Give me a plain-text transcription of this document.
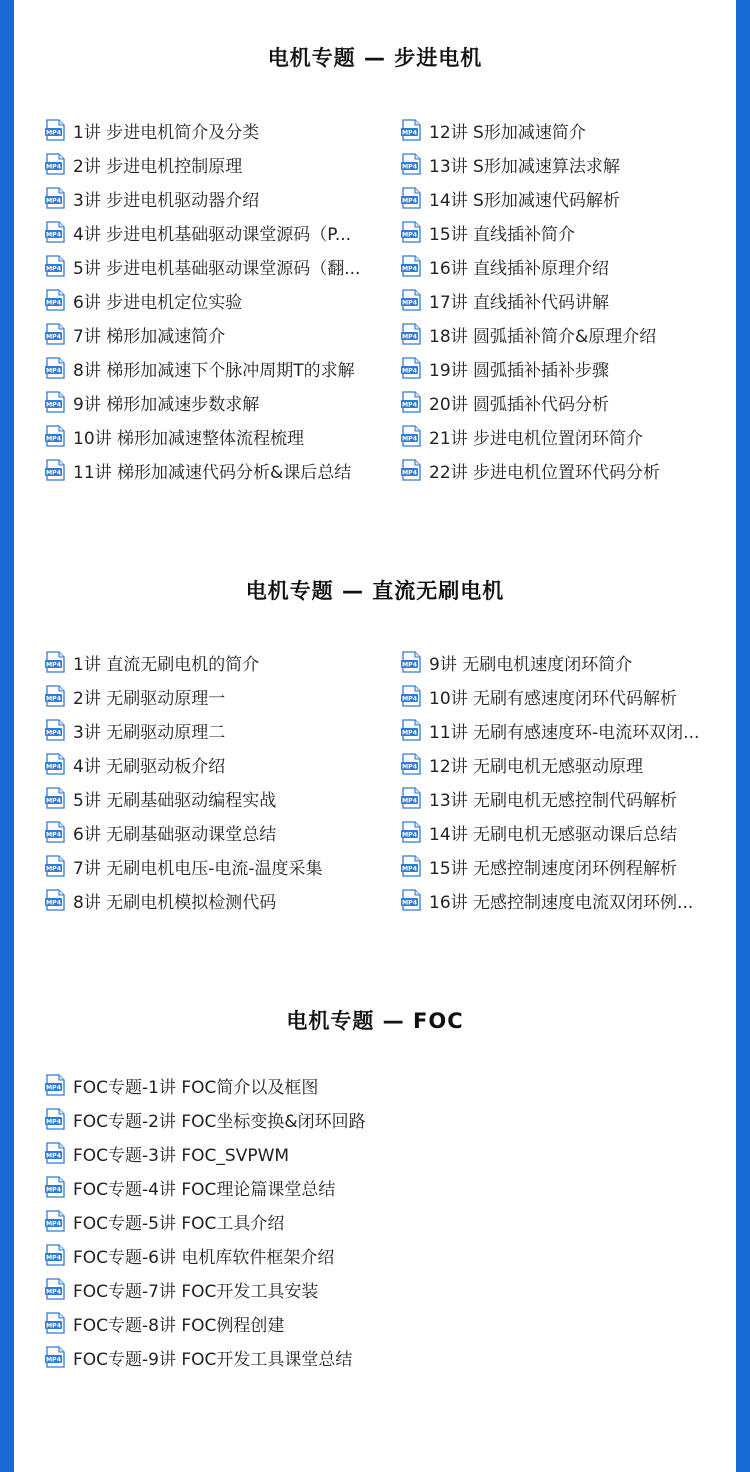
电机专题 — 步进电机
MP4 1讲 步进电机简介及分类
MP4 2讲 步进电机控制原理
MP4 3讲 步进电机驱动器介绍
MP4 4讲 步进电机基础驱动课堂源码（P...
MP4 5讲 步进电机基础驱动课堂源码（翻...
MP4 6讲 步进电机定位实验
MP4 7讲 梯形加减速简介
MP4 8讲 梯形加减速下个脉冲周期T的求解
MP4 9讲 梯形加减速步数求解
MP4 10讲 梯形加减速整体流程梳理
MP4 11讲 梯形加减速代码分析&课后总结
MP4 12讲 S形加减速简介
MP4 13讲 S形加减速算法求解
MP4 14讲 S形加减速代码解析
MP4 15讲 直线插补简介
MP4 16讲 直线插补原理介绍
MP4 17讲 直线插补代码讲解
MP4 18讲 圆弧插补简介&原理介绍
MP4 19讲 圆弧插补插补步骤
MP4 20讲 圆弧插补代码分析
MP4 21讲 步进电机位置闭环简介
MP4 22讲 步进电机位置环代码分析
电机专题 — 直流无刷电机
MP4 1讲 直流无刷电机的简介
MP4 2讲 无刷驱动原理一
MP4 3讲 无刷驱动原理二
MP4 4讲 无刷驱动板介绍
MP4 5讲 无刷基础驱动编程实战
MP4 6讲 无刷基础驱动课堂总结
MP4 7讲 无刷电机电压-电流-温度采集
MP4 8讲 无刷电机模拟检测代码
MP4 9讲 无刷电机速度闭环简介
MP4 10讲 无刷有感速度闭环代码解析
MP4 11讲 无刷有感速度环-电流环双闭...
MP4 12讲 无刷电机无感驱动原理
MP4 13讲 无刷电机无感控制代码解析
MP4 14讲 无刷电机无感驱动课后总结
MP4 15讲 无感控制速度闭环例程解析
MP4 16讲 无感控制速度电流双闭环例...
电机专题 — FOC
MP4 FOC专题-1讲 FOC简介以及框图
MP4 FOC专题-2讲 FOC坐标变换&闭环回路
MP4 FOC专题-3讲 FOC_SVPWM
MP4 FOC专题-4讲 FOC理论篇课堂总结
MP4 FOC专题-5讲 FOC工具介绍
MP4 FOC专题-6讲 电机库软件框架介绍
MP4 FOC专题-7讲 FOC开发工具安装
MP4 FOC专题-8讲 FOC例程创建
MP4 FOC专题-9讲 FOC开发工具课堂总结
